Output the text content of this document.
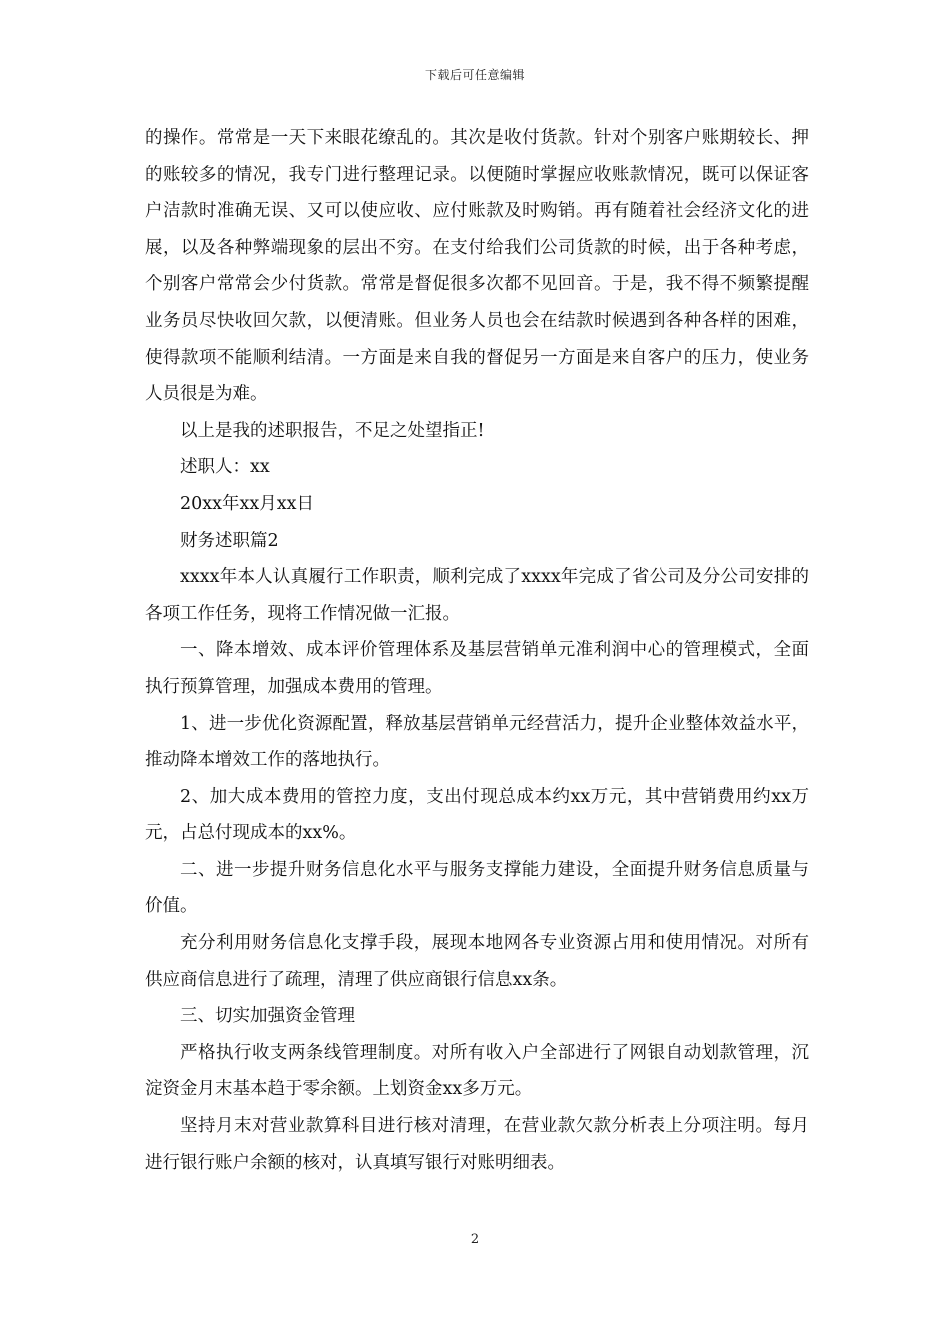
下载后可任意编辑

的操作。常常是一天下来眼花缭乱的。其次是收付货款。针对个别客户账期较长、押的账较多的情况，我专门进行整理记录。以便随时掌握应收账款情况，既可以保证客户洁款时准确无误、又可以使应收、应付账款及时购销。再有随着社会经济文化的进展，以及各种弊端现象的层出不穷。在支付给我们公司货款的时候，出于各种考虑，个别客户常常会少付货款。常常是督促很多次都不见回音。于是，我不得不频繁提醒业务员尽快收回欠款，以便清账。但业务人员也会在结款时候遇到各种各样的困难，使得款项不能顺利结清。一方面是来自我的督促另一方面是来自客户的压力，使业务人员很是为难。

以上是我的述职报告，不足之处望指正!

述职人：xx

20xx年xx月xx日

财务述职篇2

xxxx年本人认真履行工作职责，顺利完成了xxxx年完成了省公司及分公司安排的各项工作任务，现将工作情况做一汇报。

一、降本增效、成本评价管理体系及基层营销单元准利润中心的管理模式，全面执行预算管理，加强成本费用的管理。

1、进一步优化资源配置，释放基层营销单元经营活力，提升企业整体效益水平，推动降本增效工作的落地执行。

2、加大成本费用的管控力度，支出付现总成本约xx万元，其中营销费用约xx万元，占总付现成本的xx%。

二、进一步提升财务信息化水平与服务支撑能力建设，全面提升财务信息质量与价值。

充分利用财务信息化支撑手段，展现本地网各专业资源占用和使用情况。对所有供应商信息进行了疏理，清理了供应商银行信息xx条。

三、切实加强资金管理

严格执行收支两条线管理制度。对所有收入户全部进行了网银自动划款管理，沉淀资金月末基本趋于零余额。上划资金xx多万元。

坚持月末对营业款算科目进行核对清理，在营业款欠款分析表上分项注明。每月进行银行账户余额的核对，认真填写银行对账明细表。

2
